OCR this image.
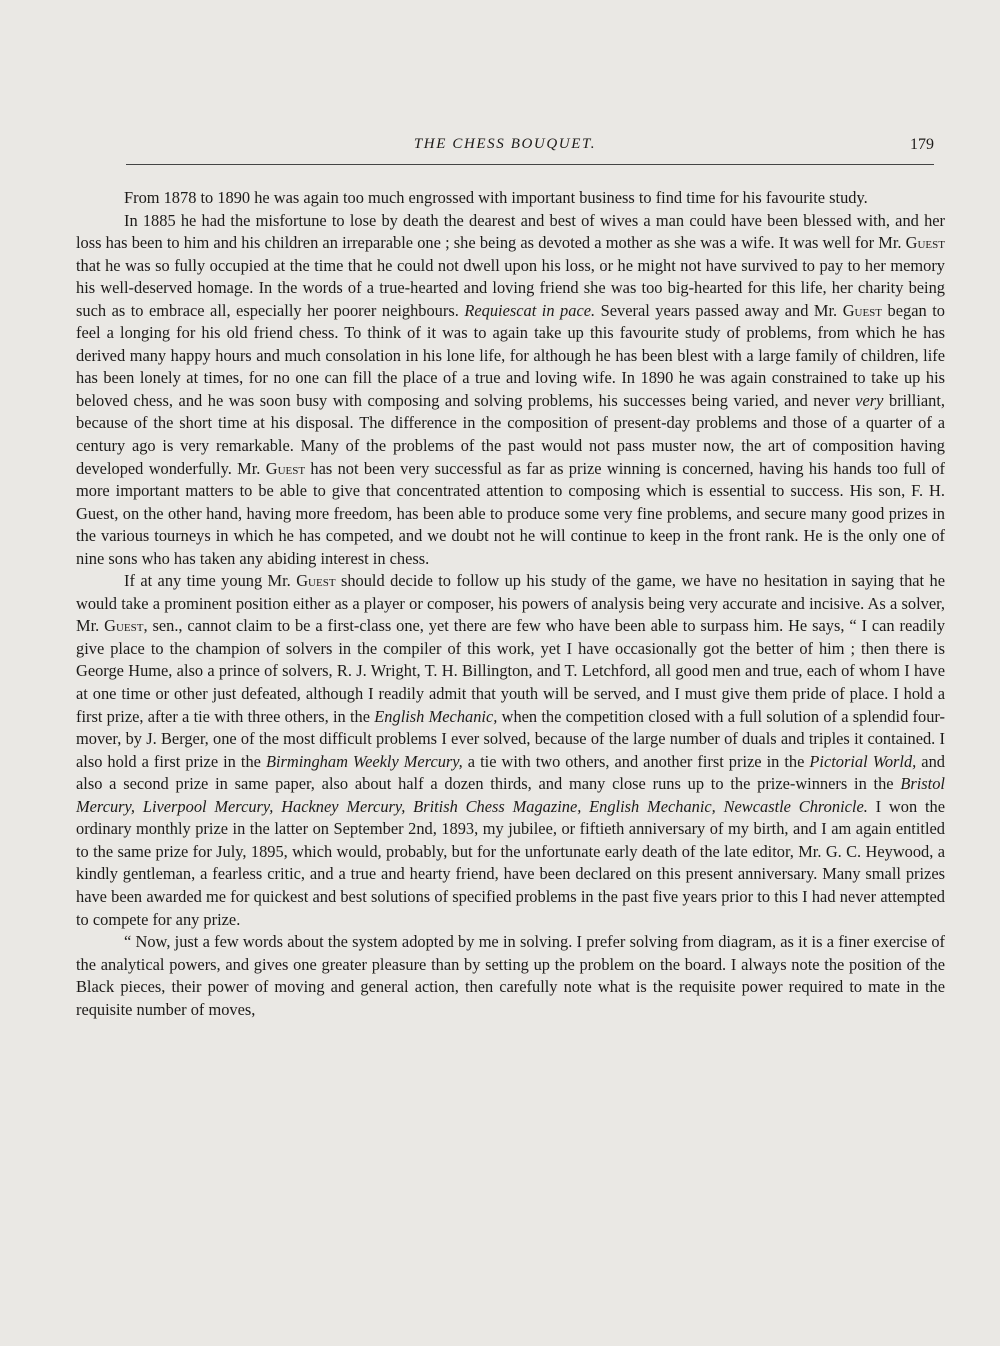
THE CHESS BOUQUET.	179

From 1878 to 1890 he was again too much engrossed with important business to find time for his favourite study.

In 1885 he had the misfortune to lose by death the dearest and best of wives a man could have been blessed with, and her loss has been to him and his children an irreparable one ; she being as devoted a mother as she was a wife. It was well for Mr. Guest that he was so fully occupied at the time that he could not dwell upon his loss, or he might not have survived to pay to her memory his well-deserved homage. In the words of a true-hearted and loving friend she was too big-hearted for this life, her charity being such as to embrace all, especially her poorer neighbours. Requiescat in pace. Several years passed away and Mr. Guest began to feel a longing for his old friend chess. To think of it was to again take up this favourite study of problems, from which he has derived many happy hours and much consolation in his lone life, for although he has been blest with a large family of children, life has been lonely at times, for no one can fill the place of a true and loving wife. In 1890 he was again constrained to take up his beloved chess, and he was soon busy with composing and solving problems, his successes being varied, and never very brilliant, because of the short time at his disposal. The difference in the composition of present-day problems and those of a quarter of a century ago is very remarkable. Many of the problems of the past would not pass muster now, the art of composition having developed wonderfully. Mr. Guest has not been very successful as far as prize winning is concerned, having his hands too full of more important matters to be able to give that concentrated attention to composing which is essential to success. His son, F. H. Guest, on the other hand, having more freedom, has been able to produce some very fine problems, and secure many good prizes in the various tourneys in which he has competed, and we doubt not he will continue to keep in the front rank. He is the only one of nine sons who has taken any abiding interest in chess.

If at any time young Mr. Guest should decide to follow up his study of the game, we have no hesitation in saying that he would take a prominent position either as a player or composer, his powers of analysis being very accurate and incisive. As a solver, Mr. Guest, sen., cannot claim to be a first-class one, yet there are few who have been able to surpass him. He says, “ I can readily give place to the champion of solvers in the compiler of this work, yet I have occasionally got the better of him ; then there is George Hume, also a prince of solvers, R. J. Wright, T. H. Billington, and T. Letchford, all good men and true, each of whom I have at one time or other just defeated, although I readily admit that youth will be served, and I must give them pride of place. I hold a first prize, after a tie with three others, in the English Mechanic, when the competition closed with a full solution of a splendid four-mover, by J. Berger, one of the most difficult problems I ever solved, because of the large number of duals and triples it contained. I also hold a first prize in the Birmingham Weekly Mercury, a tie with two others, and another first prize in the Pictorial World, and also a second prize in same paper, also about half a dozen thirds, and many close runs up to the prize-winners in the Bristol Mercury, Liverpool Mercury, Hackney Mercury, British Chess Magazine, English Mechanic, Newcastle Chronicle. I won the ordinary monthly prize in the latter on September 2nd, 1893, my jubilee, or fiftieth anniversary of my birth, and I am again entitled to the same prize for July, 1895, which would, probably, but for the unfortunate early death of the late editor, Mr. G. C. Heywood, a kindly gentleman, a fearless critic, and a true and hearty friend, have been declared on this present anniversary. Many small prizes have been awarded me for quickest and best solutions of specified problems in the past five years prior to this I had never attempted to compete for any prize.

“ Now, just a few words about the system adopted by me in solving. I prefer solving from diagram, as it is a finer exercise of the analytical powers, and gives one greater pleasure than by setting up the problem on the board. I always note the position of the Black pieces, their power of moving and general action, then carefully note what is the requisite power required to mate in the requisite number of moves,
